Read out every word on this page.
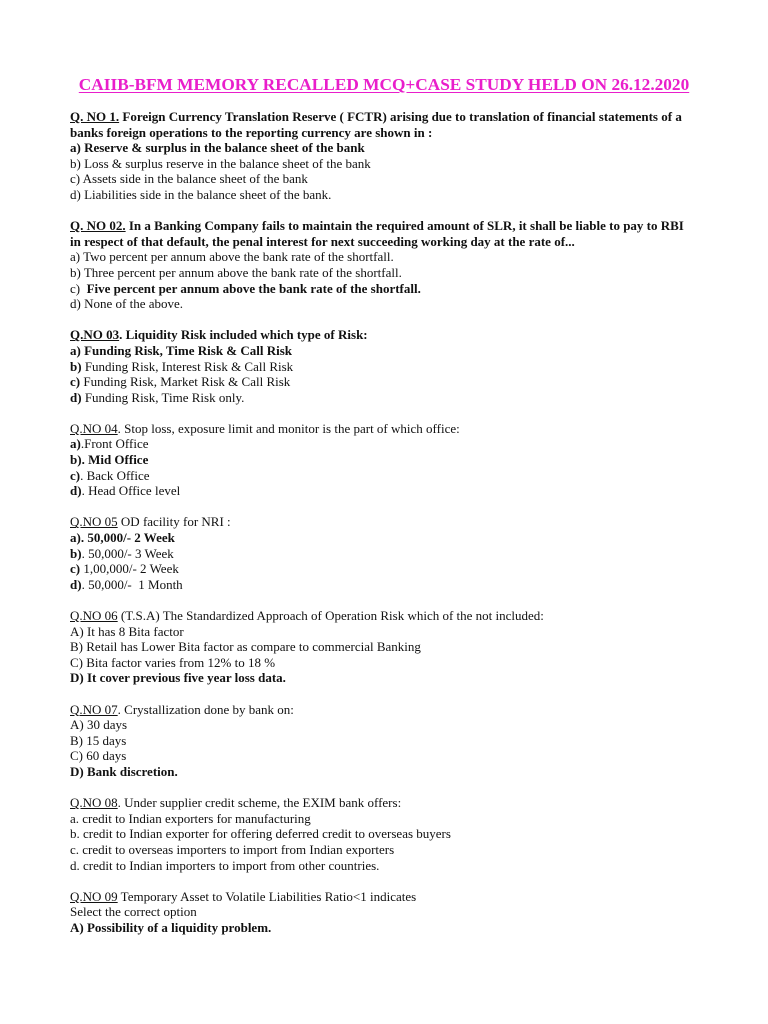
CAIIB-BFM MEMORY RECALLED MCQ+CASE STUDY HELD ON 26.12.2020

Q. NO 1. Foreign Currency Translation Reserve ( FCTR) arising due to translation of financial statements of a banks foreign operations to the reporting currency are shown in :

a) Reserve & surplus in the balance sheet of the bank

b) Loss & surplus reserve in the balance sheet of the bank

c) Assets side in the balance sheet of the bank

d) Liabilities side in the balance sheet of the bank.

Q. NO 02. In a Banking Company fails to maintain the required amount of SLR, it shall be liable to pay to RBI in respect of that default, the penal interest for next succeeding working day at the rate of...

a) Two percent per annum above the bank rate of the shortfall.

b) Three percent per annum above the bank rate of the shortfall.

c)  Five percent per annum above the bank rate of the shortfall.

d) None of the above.

Q.NO 03. Liquidity Risk included which type of Risk:

a) Funding Risk, Time Risk & Call Risk

b) Funding Risk, Interest Risk & Call Risk

c) Funding Risk, Market Risk & Call Risk

d) Funding Risk, Time Risk only.

Q.NO 04. Stop loss, exposure limit and monitor is the part of which office:

a).Front Office

b). Mid Office

c). Back Office

d). Head Office level

Q.NO 05 OD facility for NRI :

a). 50,000/- 2 Week

b). 50,000/- 3 Week

c) 1,00,000/- 2 Week

d). 50,000/-  1 Month

Q.NO 06 (T.S.A) The Standardized Approach of Operation Risk which of the not included:

A) It has 8 Bita factor

B) Retail has Lower Bita factor as compare to commercial Banking

C) Bita factor varies from 12% to 18 %

D) It cover previous five year loss data.

Q.NO 07. Crystallization done by bank on:

A) 30 days

B) 15 days

C) 60 days

D) Bank discretion.

Q.NO 08. Under supplier credit scheme, the EXIM bank offers:

a. credit to Indian exporters for manufacturing

b. credit to Indian exporter for offering deferred credit to overseas buyers

c. credit to overseas importers to import from Indian exporters

d. credit to Indian importers to import from other countries.

Q.NO 09 Temporary Asset to Volatile Liabilities Ratio<1 indicates

Select the correct option

A) Possibility of a liquidity problem.
